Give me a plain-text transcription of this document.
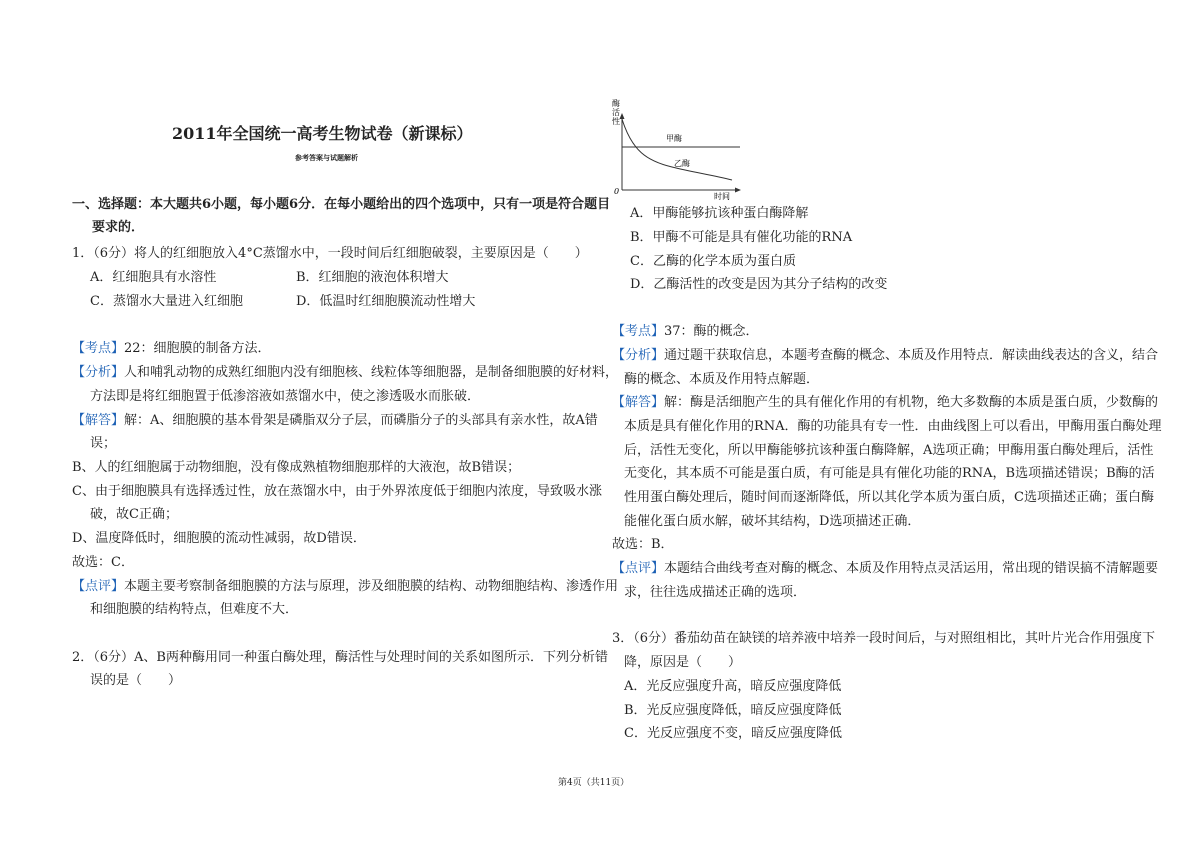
2011年全国统一高考生物试卷（新课标）
参考答案与试题解析
一、选择题：本大题共6小题，每小题6分．在每小题给出的四个选项中，只有一项是符合题目
要求的．
1．（6分）将人的红细胞放入4°C蒸馏水中，一段时间后红细胞破裂，主要原因是（　　）
A．红细胞具有水溶性	B．红细胞的液泡体积增大
C．蒸馏水大量进入红细胞	D．低温时红细胞膜流动性增大
【考点】22：细胞膜的制备方法．
【分析】人和哺乳动物的成熟红细胞内没有细胞核、线粒体等细胞器，是制备细胞膜的好材料，
方法即是将红细胞置于低渗溶液如蒸馏水中，使之渗透吸水而胀破．
【解答】解：A、细胞膜的基本骨架是磷脂双分子层，而磷脂分子的头部具有亲水性，故A错
误；
B、人的红细胞属于动物细胞，没有像成熟植物细胞那样的大液泡，故B错误；
C、由于细胞膜具有选择透过性，放在蒸馏水中，由于外界浓度低于细胞内浓度，导致吸水涨
破，故C正确；
D、温度降低时，细胞膜的流动性减弱，故D错误．
故选：C．
【点评】本题主要考察制备细胞膜的方法与原理，涉及细胞膜的结构、动物细胞结构、渗透作用
和细胞膜的结构特点，但难度不大．
2．（6分）A、B两种酶用同一种蛋白酶处理，酶活性与处理时间的关系如图所示．下列分析错
误的是（　　）
酶
活
性
甲酶
乙酶
0
时间
A．甲酶能够抗该种蛋白酶降解
B．甲酶不可能是具有催化功能的RNA
C．乙酶的化学本质为蛋白质
D．乙酶活性的改变是因为其分子结构的改变
【考点】37：酶的概念．
【分析】通过题干获取信息，本题考查酶的概念、本质及作用特点．解读曲线表达的含义，结合
酶的概念、本质及作用特点解题．
【解答】解：酶是活细胞产生的具有催化作用的有机物，绝大多数酶的本质是蛋白质，少数酶的
本质是具有催化作用的RNA．酶的功能具有专一性．由曲线图上可以看出，甲酶用蛋白酶处理
后，活性无变化，所以甲酶能够抗该种蛋白酶降解，A选项正确；甲酶用蛋白酶处理后，活性
无变化，其本质不可能是蛋白质，有可能是具有催化功能的RNA，B选项描述错误；B酶的活
性用蛋白酶处理后，随时间而逐渐降低，所以其化学本质为蛋白质，C选项描述正确；蛋白酶
能催化蛋白质水解，破坏其结构，D选项描述正确．
故选：B．
【点评】本题结合曲线考查对酶的概念、本质及作用特点灵活运用，常出现的错误搞不清解题要
求，往往选成描述正确的选项．
3．（6分）番茄幼苗在缺镁的培养液中培养一段时间后，与对照组相比，其叶片光合作用强度下
降，原因是（　　）
A．光反应强度升高，暗反应强度降低
B．光反应强度降低，暗反应强度降低
C．光反应强度不变，暗反应强度降低
第4页（共11页）
